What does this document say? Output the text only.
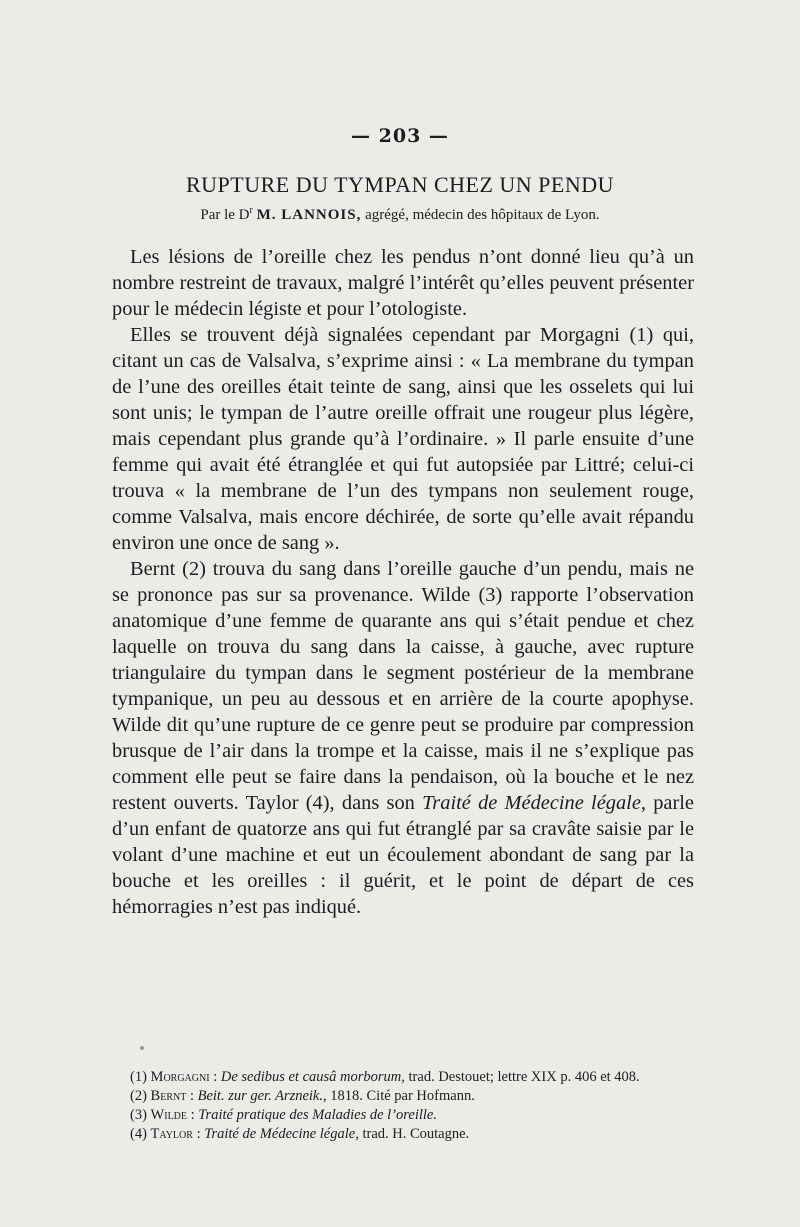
— 203 —
RUPTURE DU TYMPAN CHEZ UN PENDU
Par le $D^r$ M. LANNOIS, agrégé, médecin des hôpitaux de Lyon.

Les lésions de l’oreille chez les pendus n’ont donné lieu qu’à un nombre restreint de travaux, malgré l’intérêt qu’elles peuvent présenter pour le médecin légiste et pour l’otologiste.

Elles se trouvent déjà signalées cependant par Morgagni (1) qui, citant un cas de Valsalva, s’exprime ainsi : « La membrane du tympan de l’une des oreilles était teinte de sang, ainsi que les osselets qui lui sont unis; le tympan de l’autre oreille offrait une rougeur plus légère, mais cependant plus grande qu’à l’ordinaire. » Il parle ensuite d’une femme qui avait été étranglée et qui fut autopsiée par Littré; celui-ci trouva « la membrane de l’un des tympans non seulement rouge, comme Valsalva, mais encore déchirée, de sorte qu’elle avait répandu environ une once de sang ».

Bernt (2) trouva du sang dans l’oreille gauche d’un pendu, mais ne se prononce pas sur sa provenance. Wilde (3) rapporte l’observation anatomique d’une femme de quarante ans qui s’était pendue et chez laquelle on trouva du sang dans la caisse, à gauche, avec rupture triangulaire du tympan dans le segment postérieur de la membrane tympanique, un peu au dessous et en arrière de la courte apophyse. Wilde dit qu’une rupture de ce genre peut se produire par compression brusque de l’air dans la trompe et la caisse, mais il ne s’explique pas comment elle peut se faire dans la pendaison, où la bouche et le nez restent ouverts. Taylor (4), dans son Traité de Médecine légale, parle d’un enfant de quatorze ans qui fut étranglé par sa cravâte saisie par le volant d’une machine et eut un écoulement abondant de sang par la bouche et les oreilles : il guérit, et le point de départ de ces hémorragies n’est pas indiqué.

(1) Morgagni : De sedibus et causâ morborum, trad. Destouet; lettre XIX p. 406 et 408.

(2) Bernt : Beit. zur ger. Arzneik., 1818. Cité par Hofmann.

(3) Wilde : Traité pratique des Maladies de l’oreille.

(4) Taylor : Traité de Médecine légale, trad. H. Coutagne.
